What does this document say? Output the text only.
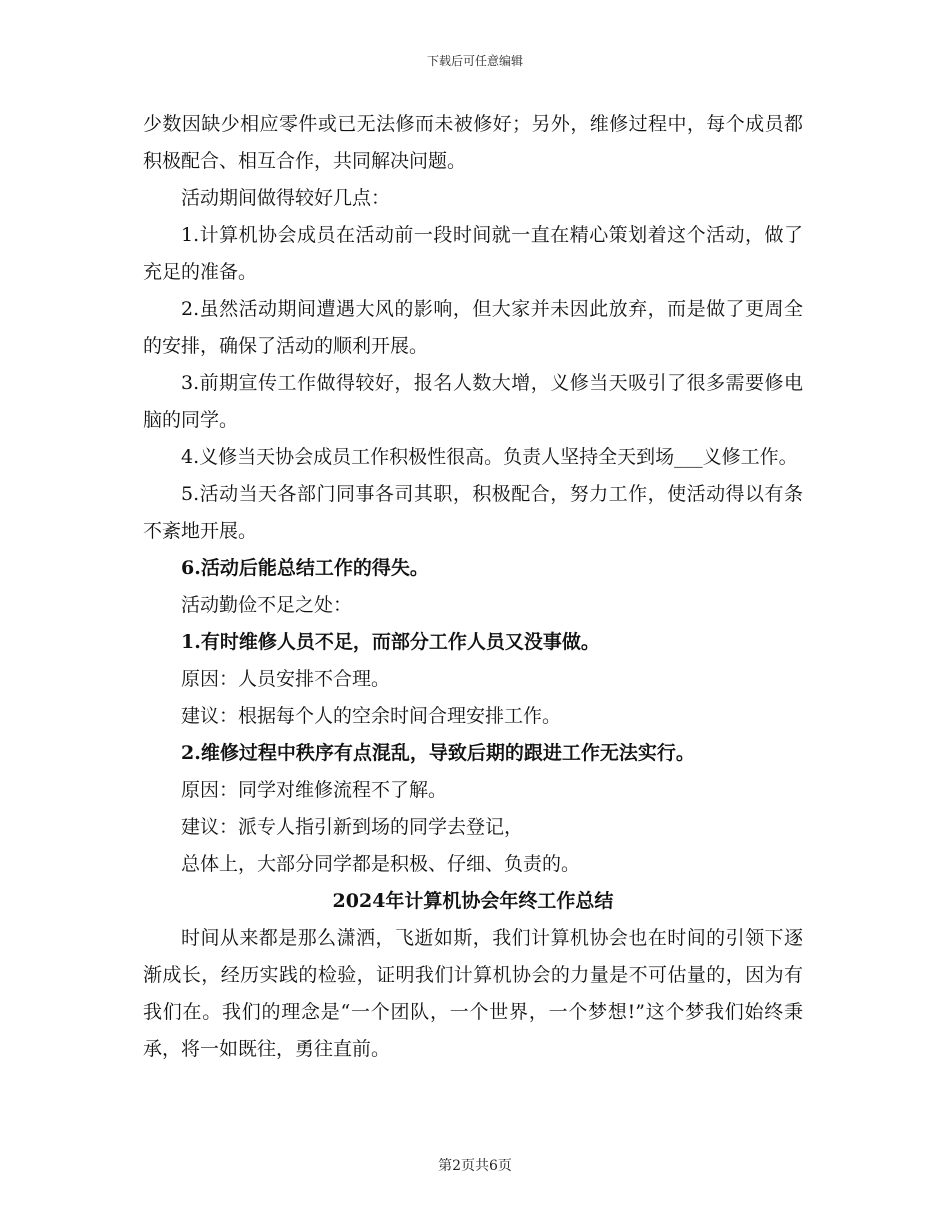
下载后可任意编辑

少数因缺少相应零件或已无法修而未被修好；另外，维修过程中，每个成员都积极配合、相互合作，共同解决问题。

活动期间做得较好几点：

1.计算机协会成员在活动前一段时间就一直在精心策划着这个活动，做了充足的准备。

2.虽然活动期间遭遇大风的影响，但大家并未因此放弃，而是做了更周全的安排，确保了活动的顺利开展。

3.前期宣传工作做得较好，报名人数大增，义修当天吸引了很多需要修电脑的同学。

4.义修当天协会成员工作积极性很高。负责人坚持全天到场___义修工作。

5.活动当天各部门同事各司其职，积极配合，努力工作，使活动得以有条不紊地开展。

6.活动后能总结工作的得失。

活动勤俭不足之处：

1.有时维修人员不足，而部分工作人员又没事做。

原因：人员安排不合理。

建议：根据每个人的空余时间合理安排工作。

2.维修过程中秩序有点混乱，导致后期的跟进工作无法实行。

原因：同学对维修流程不了解。

建议：派专人指引新到场的同学去登记，

总体上，大部分同学都是积极、仔细、负责的。

2024年计算机协会年终工作总结

时间从来都是那么潇洒，飞逝如斯，我们计算机协会也在时间的引领下逐渐成长，经历实践的检验，证明我们计算机协会的力量是不可估量的，因为有我们在。我们的理念是“一个团队，一个世界，一个梦想!”这个梦我们始终秉承，将一如既往，勇往直前。

第2页共6页
